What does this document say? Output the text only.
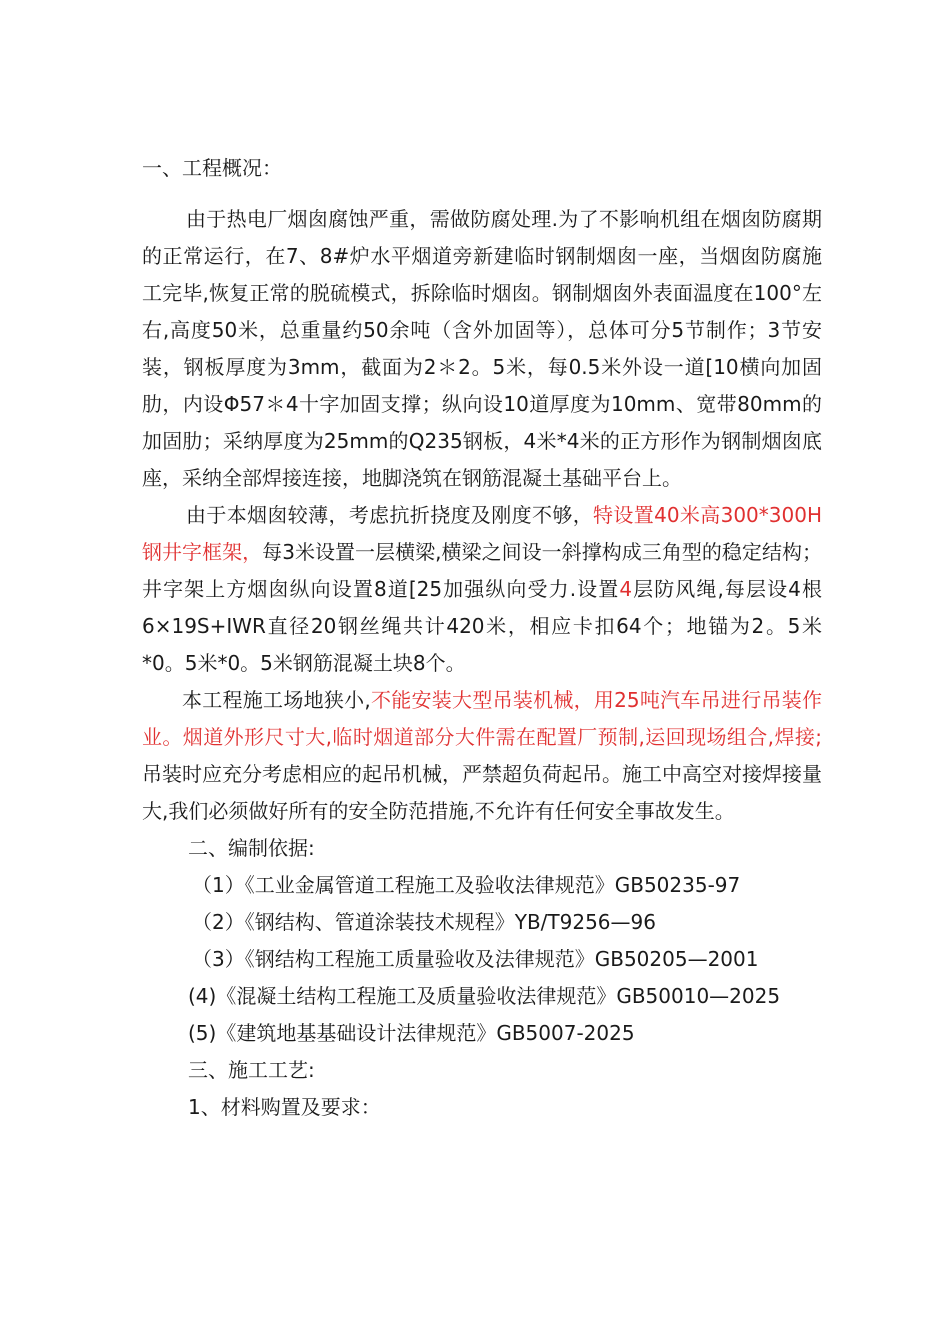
一、工程概况：

由于热电厂烟囱腐蚀严重，需做防腐处理.为了不影响机组在烟囱防腐期的正常运行，在7、8#炉水平烟道旁新建临时钢制烟囱一座，当烟囱防腐施工完毕,恢复正常的脱硫模式，拆除临时烟囱。钢制烟囱外表面温度在100°左右,高度50米，总重量约50余吨（含外加固等），总体可分5节制作；3节安装，钢板厚度为3mm，截面为2＊2。5米，每0.5米外设一道[10横向加固肋，内设Φ57＊4十字加固支撑；纵向设10道厚度为10mm、宽带80mm的加固肋；采纳厚度为25mm的Q235钢板，4米*4米的正方形作为钢制烟囱底座，采纳全部焊接连接，地脚浇筑在钢筋混凝土基础平台上。

由于本烟囱较薄，考虑抗折挠度及刚度不够，特设置40米高300*300H钢井字框架，每3米设置一层横梁,横梁之间设一斜撑构成三角型的稳定结构；井字架上方烟囱纵向设置8道[25加强纵向受力.设置4层防风绳,每层设4根6×19S+IWR直径20钢丝绳共计420米，相应卡扣64个；地锚为2。5米*0。5米*0。5米钢筋混凝土块8个。

本工程施工场地狭小,不能安装大型吊装机械，用25吨汽车吊进行吊装作业。烟道外形尺寸大,临时烟道部分大件需在配置厂预制,运回现场组合,焊接;吊装时应充分考虑相应的起吊机械，严禁超负荷起吊。施工中高空对接焊接量大,我们必须做好所有的安全防范措施,不允许有任何安全事故发生。

二、编制依据:

（1）《工业金属管道工程施工及验收法律规范》GB50235-97

（2）《钢结构、管道涂装技术规程》YB/T9256—96

（3）《钢结构工程施工质量验收及法律规范》GB50205—2001

(4)《混凝土结构工程施工及质量验收法律规范》GB50010—2025

(5)《建筑地基基础设计法律规范》GB5007-2025

三、施工工艺:

1、材料购置及要求：
